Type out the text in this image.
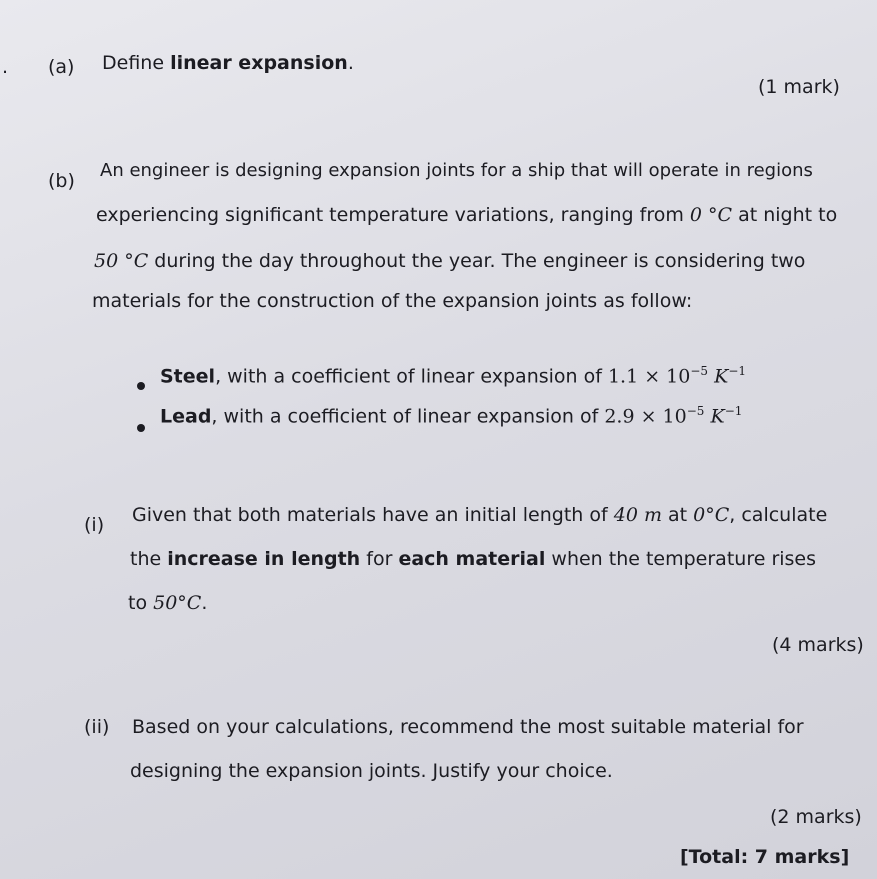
. (a) Define linear expansion.
(1 mark)
(b) An engineer is designing expansion joints for a ship that will operate in regions
experiencing significant temperature variations, ranging from 0 °C at night to
50 °C during the day throughout the year. The engineer is considering two
materials for the construction of the expansion joints as follow:
Steel, with a coefficient of linear expansion of $1.1 \times 10^{-5}$ $K^{-1}$
Lead, with a coefficient of linear expansion of $2.9 \times 10^{-5}$ $K^{-1}$
(i) Given that both materials have an initial length of 40 m at 0°C, calculate
the increase in length for each material when the temperature rises
to 50°C.
(4 marks)
(ii) Based on your calculations, recommend the most suitable material for
designing the expansion joints. Justify your choice.
(2 marks)
[Total: 7 marks]
